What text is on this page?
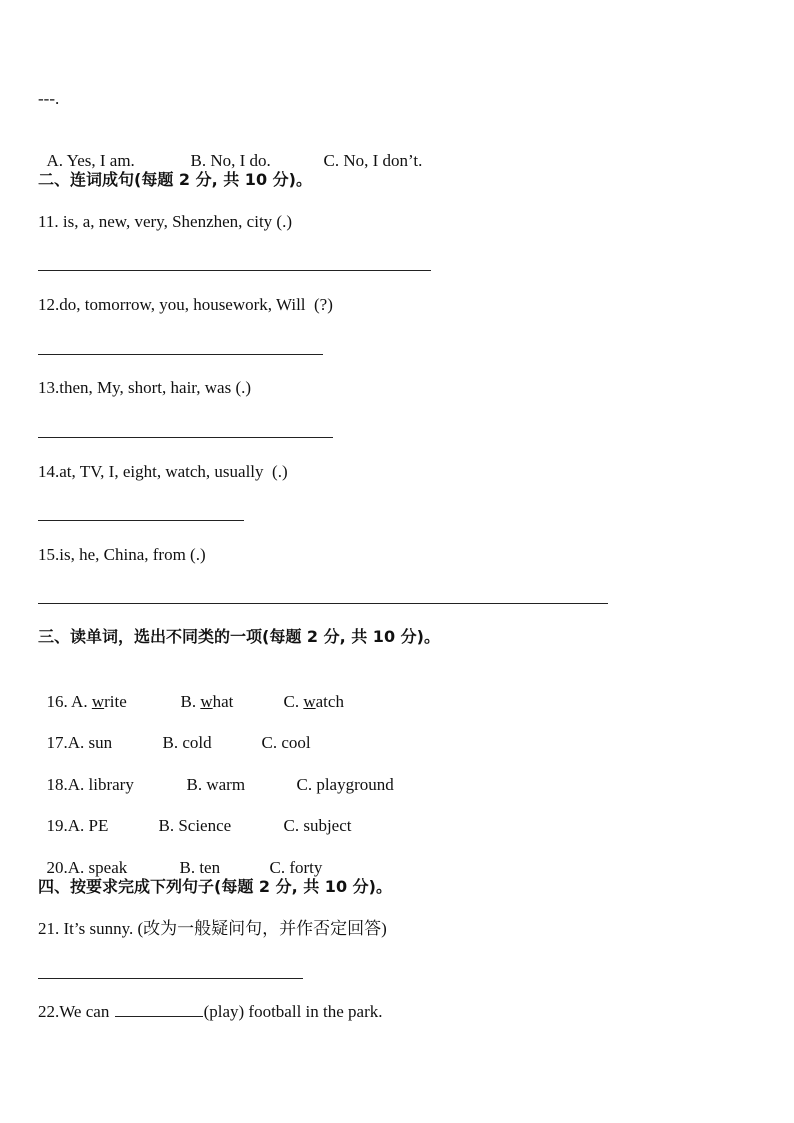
---.

A. Yes, I am.	B. No, I do.	C. No, I don’t.

二、连词成句(每题 2 分, 共 10 分)。
11. is, a, new, very, Shenzhen, city (.)
12.do, tomorrow, you, housework, Will  (?)
13.then, My, short, hair, was (.)
14.at, TV, I, eight, watch, usually  (.)
15.is, he, China, from (.)
三、读单词，选出不同类的一项(每题 2 分, 共 10 分)。

16. A. write	B. what	C. watch

17.A. sun	B. cold	C. cool

18.A. library	B. warm	C. playground

19.A. PE	B. Science	C. subject

20.A. speak	B. ten	C. forty

四、按要求完成下列句子(每题 2 分, 共 10 分)。
21. It’s sunny. (改为一般疑问句，并作否定回答)
22.We can	(play) football in the park.
